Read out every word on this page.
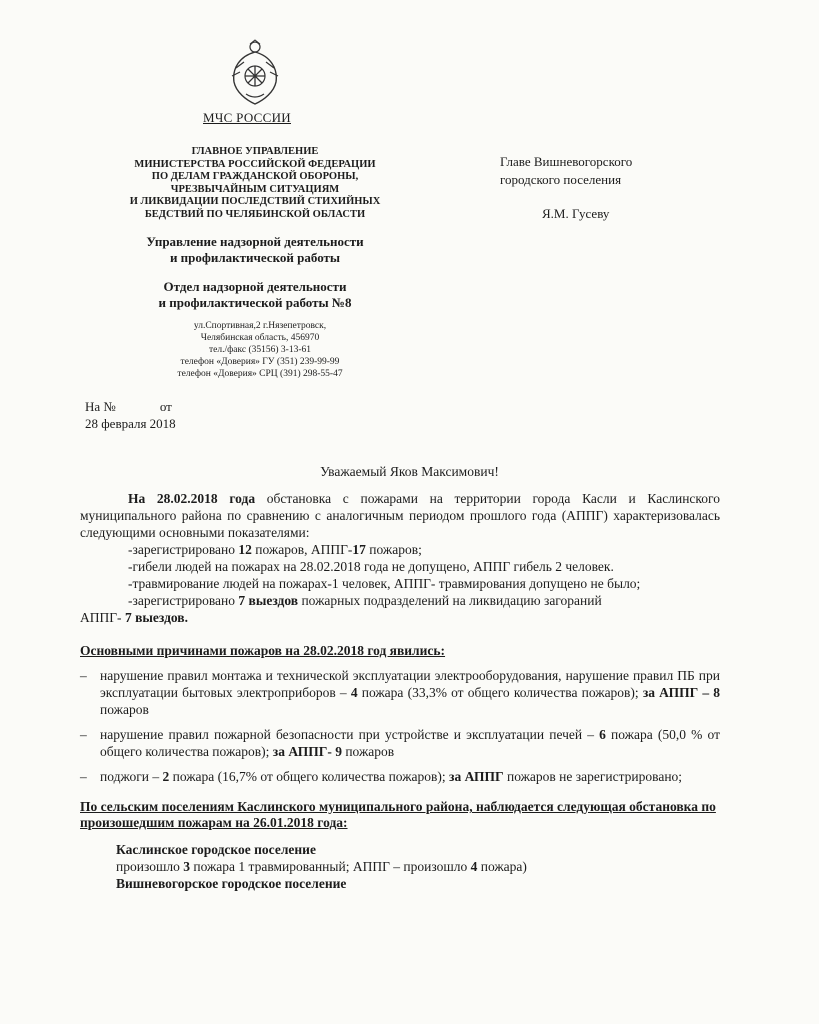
МЧС РОССИИ
ГЛАВНОЕ УПРАВЛЕНИЕ
МИНИСТЕРСТВА РОССИЙСКОЙ ФЕДЕРАЦИИ
ПО ДЕЛАМ ГРАЖДАНСКОЙ ОБОРОНЫ,
ЧРЕЗВЫЧАЙНЫМ СИТУАЦИЯМ
И ЛИКВИДАЦИИ ПОСЛЕДСТВИЙ СТИХИЙНЫХ
БЕДСТВИЙ ПО ЧЕЛЯБИНСКОЙ ОБЛАСТИ
Управление надзорной деятельности
и профилактической работы
Отдел надзорной деятельности
и профилактической работы №8
ул.Спортивная,2 г.Нязепетровск,
Челябинская область, 456970
тел./факс (35156) 3-13-61
телефон «Доверия» ГУ (351) 239-99-99
телефон «Доверия» СРЦ (391) 298-55-47
Главе Вишневогорского
городского поселения
Я.М. Гусеву
На №	от
28 февраля 2018
Уважаемый Яков Максимович!

На 28.02.2018 года обстановка с пожарами на территории города Касли и Каслинского муниципального района по сравнению с аналогичным периодом прошлого года (АППГ) характеризовалась следующими основными показателями:

-зарегистрировано 12 пожаров, АППГ-17 пожаров;

-гибели людей на пожарах на 28.02.2018 года не допущено, АППГ гибель 2 человек.

-травмирование людей на пожарах-1 человек, АППГ- травмирования допущено не было;

-зарегистрировано 7 выездов пожарных подразделений на ликвидацию загораний

АППГ- 7 выездов.

Основными причинами пожаров на 28.02.2018 год явились:
– нарушение правил монтажа и технической эксплуатации электрооборудования, нарушение правил ПБ при эксплуатации бытовых электроприборов – 4 пожара (33,3% от общего количества пожаров); за АППГ – 8 пожаров
– нарушение правил пожарной безопасности при устройстве и эксплуатации печей – 6 пожара (50,0 % от общего количества пожаров); за АППГ- 9 пожаров
– поджоги – 2 пожара (16,7% от общего количества пожаров); за АППГ пожаров не зарегистрировано;
По сельским поселениям Каслинского муниципального района, наблюдается следующая обстановка по произошедшим пожарам на 26.01.2018 года:
Каслинское городское поселение
произошло 3 пожара 1 травмированный; АППГ – произошло 4 пожара)
Вишневогорское городское поселение
